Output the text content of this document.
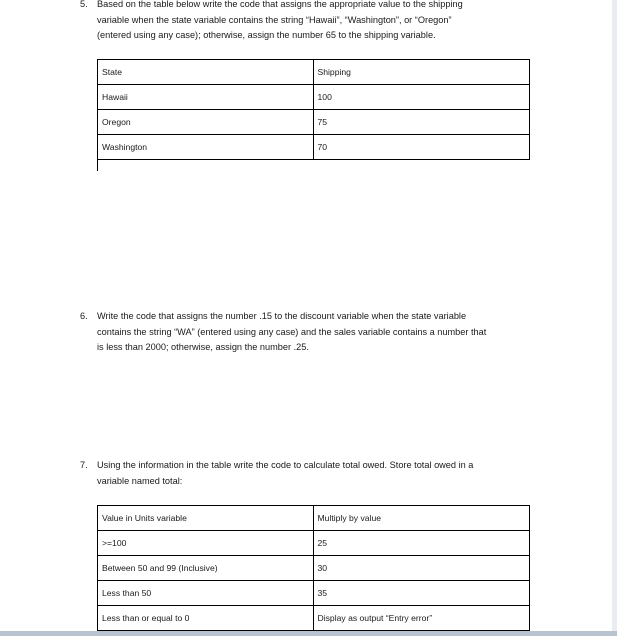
5.	Based on the table below write the code that assigns the appropriate value to the shipping
variable when the state variable contains the string “Hawaii”, “Washington”, or “Oregon”
(entered using any case); otherwise, assign the number 65 to the shipping variable.
State	Shipping
Hawaii	100
Oregon	75
Washington	70
6.	Write the code that assigns the number .15 to the discount variable when the state variable
contains the string “WA” (entered using any case) and the sales variable contains a number that
is less than 2000; otherwise, assign the number .25.
7.	Using the information in the table write the code to calculate total owed. Store total owed in a
variable named total:
Value in Units variable	Multiply by value
>=100	25
Between 50 and 99 (Inclusive)	30
Less than 50	35
Less than or equal to 0	Display as output “Entry error”
